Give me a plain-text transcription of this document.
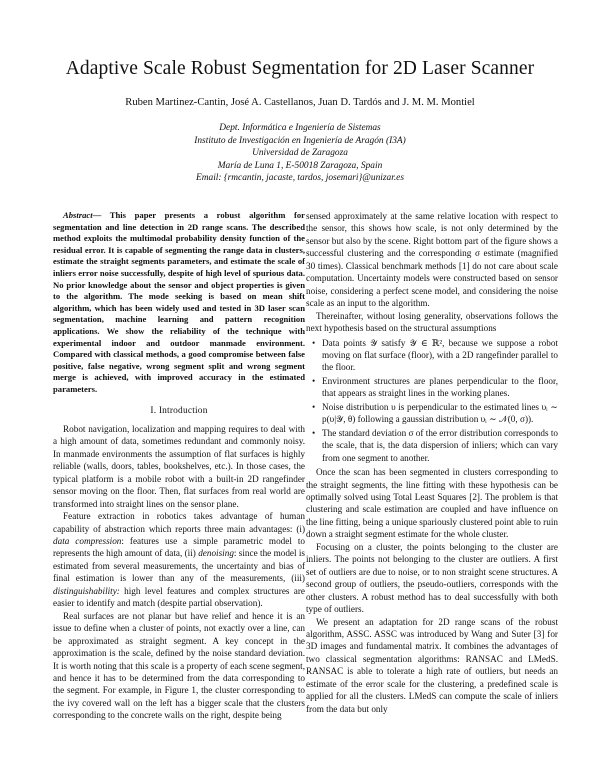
Adaptive Scale Robust Segmentation for 2D Laser Scanner
Ruben Martinez-Cantin, José A. Castellanos, Juan D. Tardós and J. M. M. Montiel
Dept. Informática e Ingeniería de Sistemas
Instituto de Investigación en Ingeniería de Aragón (I3A)
Universidad de Zaragoza
María de Luna 1, E-50018 Zaragoza, Spain
Email: {rmcantin, jacaste, tardos, josemari}@unizar.es

Abstract— This paper presents a robust algorithm for segmentation and line detection in 2D range scans. The described method exploits the multimodal probability density function of the residual error. It is capable of segmenting the range data in clusters, estimate the straight segments parameters, and estimate the scale of inliers error noise successfully, despite of high level of spurious data. No prior knowledge about the sensor and object properties is given to the algorithm. The mode seeking is based on mean shift algorithm, which has been widely used and tested in 3D laser scan segmentation, machine learning and pattern recognition applications. We show the reliability of the technique with experimental indoor and outdoor manmade environment. Compared with classical methods, a good compromise between false positive, false negative, wrong segment split and wrong segment merge is achieved, with improved accuracy in the estimated parameters.

I. Introduction

Robot navigation, localization and mapping requires to deal with a high amount of data, sometimes redundant and commonly noisy. In manmade environments the assumption of flat surfaces is highly reliable (walls, doors, tables, bookshelves, etc.). In those cases, the typical platform is a mobile robot with a built-in 2D rangefinder sensor moving on the floor. Then, flat surfaces from real world are transformed into straight lines on the sensor plane.

Feature extraction in robotics takes advantage of human capability of abstraction which reports three main advantages: (i) data compression: features use a simple parametric model to represents the high amount of data, (ii) denoising: since the model is estimated from several measurements, the uncertainty and bias of final estimation is lower than any of the measurements, (iii) distinguishability: high level features and complex structures are easier to identify and match (despite partial observation).

Real surfaces are not planar but have relief and hence it is an issue to define when a cluster of points, not exactly over a line, can be approximated as straight segment. A key concept in the approximation is the scale, defined by the noise standard deviation. It is worth noting that this scale is a property of each scene segment, and hence it has to be determined from the data corresponding to the segment. For example, in Figure 1, the cluster corresponding to the ivy covered wall on the left has a bigger scale that the clusters corresponding to the concrete walls on the right, despite being

sensed approximately at the same relative location with respect to the sensor, this shows how scale, is not only determined by the sensor but also by the scene. Right bottom part of the figure shows a successful clustering and the corresponding σ estimate (magnified 30 times). Classical benchmark methods [1] do not care about scale computation. Uncertainty models were constructed based on sensor noise, considering a perfect scene model, and considering the noise scale as an input to the algorithm.

Thereinafter, without losing generality, observations follows the next hypothesis based on the structural assumptions

• Data points 𝒴 satisfy 𝒴 ∈ ℝ², because we suppose a robot moving on flat surface (floor), with a 2D rangefinder parallel to the floor.
• Environment structures are planes perpendicular to the floor, that appears as straight lines in the working planes.
• Noise distribution υ is perpendicular to the estimated lines υᵢ ∼ p(υ|𝒴, θ) following a gaussian distribution υᵢ ∼ 𝒩(0, σ)).
• The standard deviation σ of the error distribution corresponds to the scale, that is, the data dispersion of inliers; which can vary from one segment to another.

Once the scan has been segmented in clusters corresponding to the straight segments, the line fitting with these hypothesis can be optimally solved using Total Least Squares [2]. The problem is that clustering and scale estimation are coupled and have influence on the line fitting, being a unique spariously clustered point able to ruin down a straight segment estimate for the whole cluster.

Focusing on a cluster, the points belonging to the cluster are inliers. The points not belonging to the cluster are outliers. A first set of outliers are due to noise, or to non straight scene structures. A second group of outliers, the pseudo-outliers, corresponds with the other clusters. A robust method has to deal successfully with both type of outliers.

We present an adaptation for 2D range scans of the robust algorithm, ASSC. ASSC was introduced by Wang and Suter [3] for 3D images and fundamental matrix. It combines the advantages of two classical segmentation algorithms: RANSAC and LMedS. RANSAC is able to tolerate a high rate of outliers, but needs an estimate of the error scale for the clustering, a predefined scale is applied for all the clusters. LMedS can compute the scale of inliers from the data but only
